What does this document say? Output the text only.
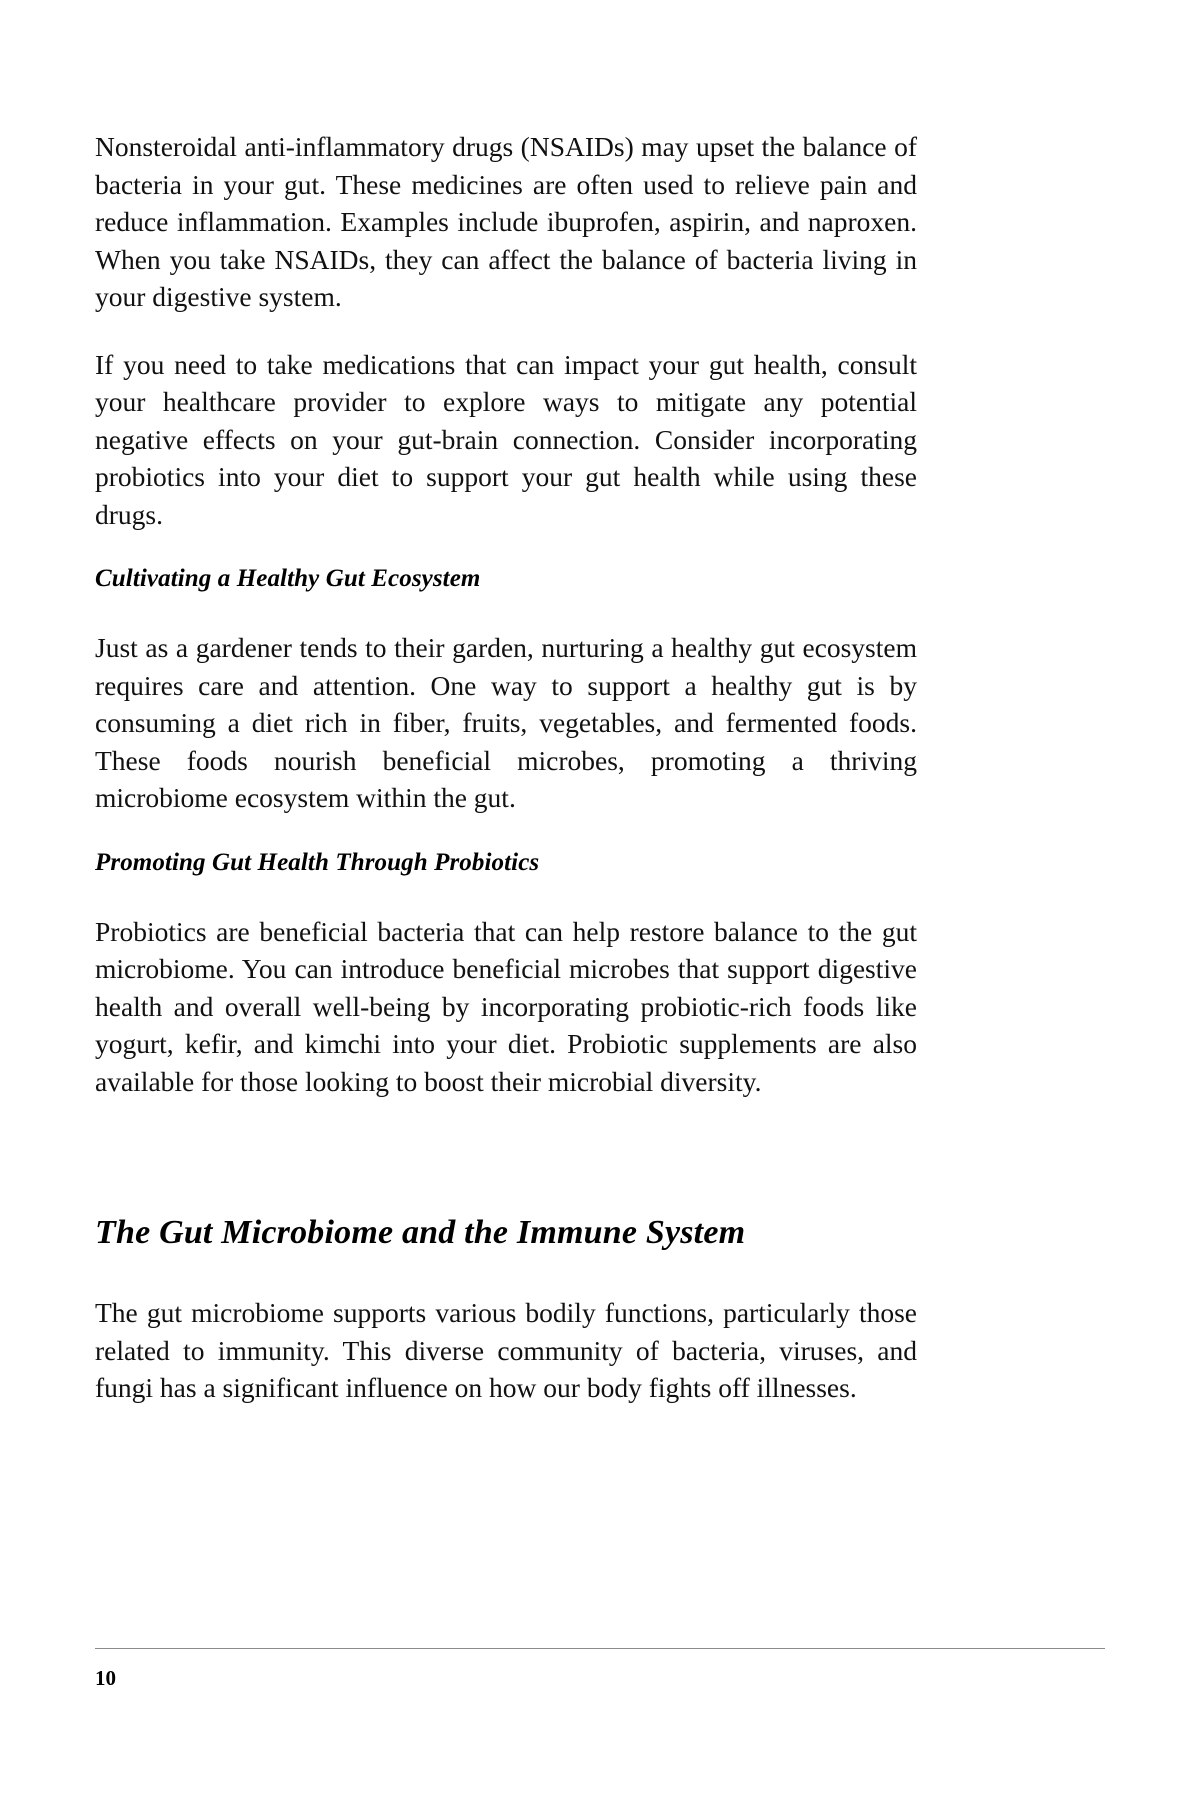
Nonsteroidal anti-inflammatory drugs (NSAIDs) may upset the balance of bacteria in your gut. These medicines are often used to relieve pain and reduce inflammation. Examples include ibuprofen, aspirin, and naproxen. When you take NSAIDs, they can affect the balance of bacteria living in your digestive system.

If you need to take medications that can impact your gut health, consult your healthcare provider to explore ways to mitigate any potential negative effects on your gut-brain connection. Consider incorporating probiotics into your diet to support your gut health while using these drugs.

Cultivating a Healthy Gut Ecosystem

Just as a gardener tends to their garden, nurturing a healthy gut ecosystem requires care and attention. One way to support a healthy gut is by consuming a diet rich in fiber, fruits, vegetables, and fermented foods. These foods nourish beneficial microbes, promoting a thriving microbiome ecosystem within the gut.

Promoting Gut Health Through Probiotics

Probiotics are beneficial bacteria that can help restore balance to the gut microbiome. You can introduce beneficial microbes that support digestive health and overall well-being by incorporating probiotic-rich foods like yogurt, kefir, and kimchi into your diet. Probiotic supplements are also available for those looking to boost their microbial diversity.

The Gut Microbiome and the Immune System

The gut microbiome supports various bodily functions, particularly those related to immunity. This diverse community of bacteria, viruses, and fungi has a significant influence on how our body fights off illnesses.

10
